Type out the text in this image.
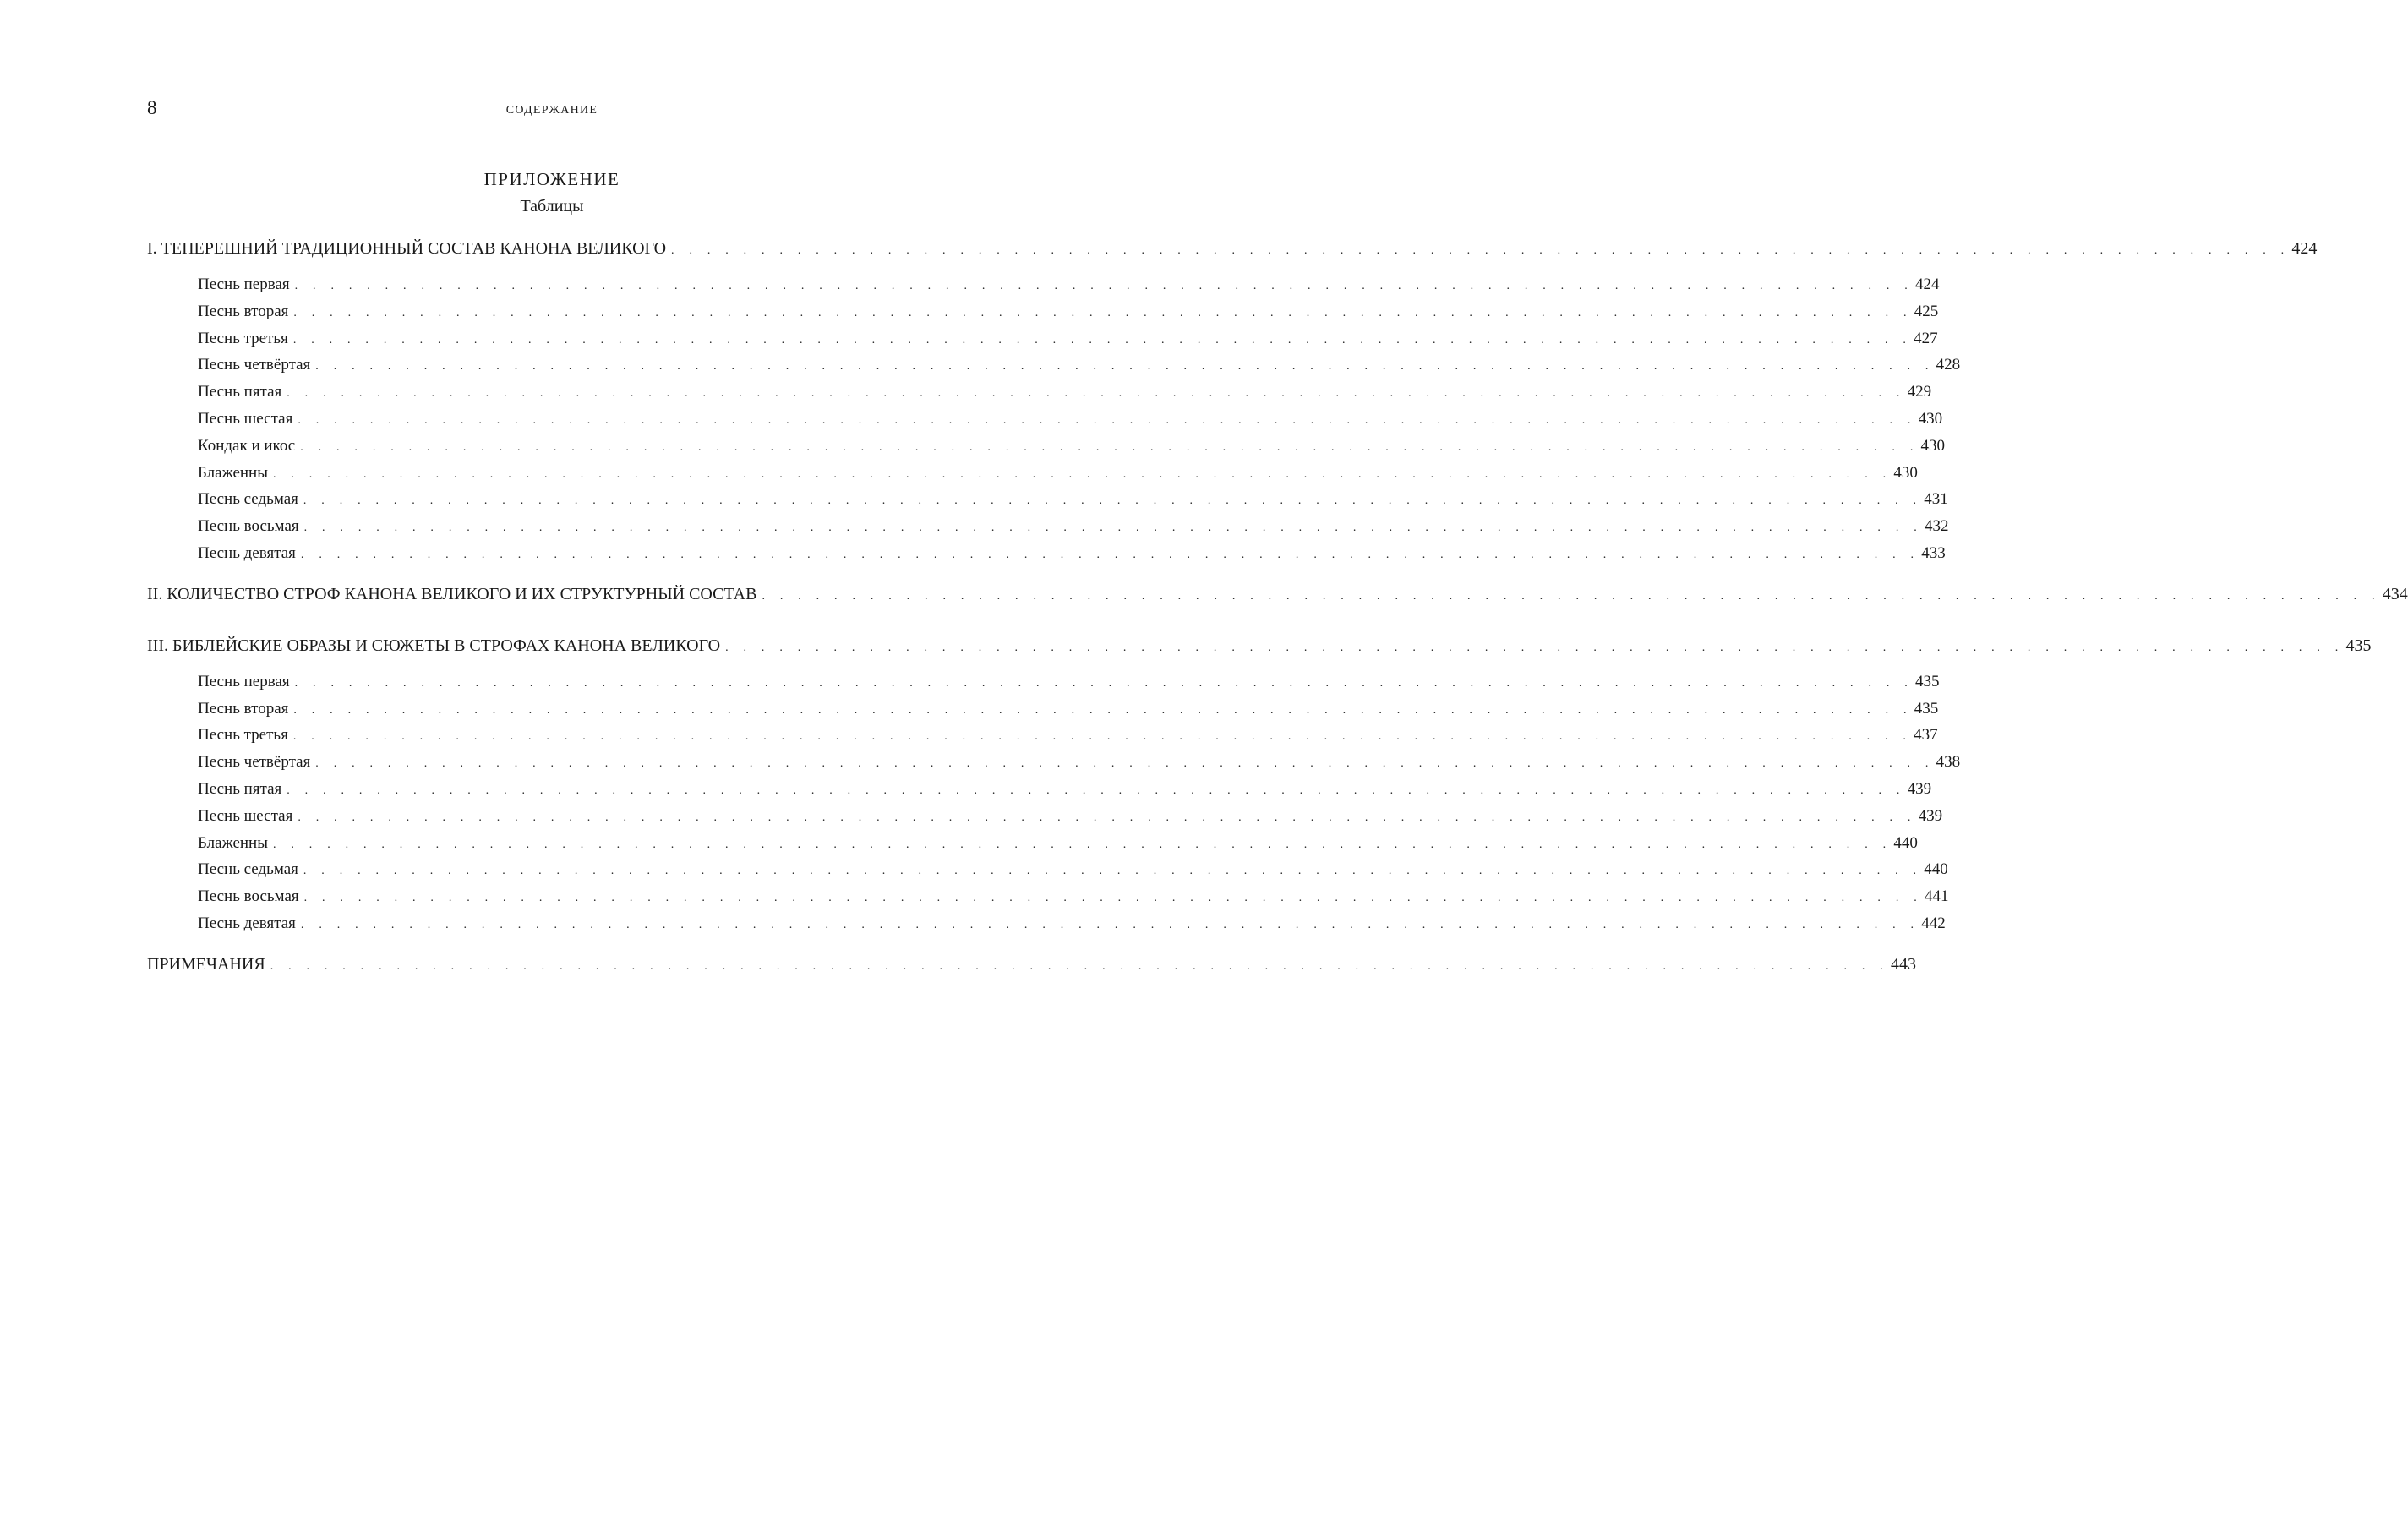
8	СОДЕРЖАНИЕ
ПРИЛОЖЕНИЕ
Таблицы
I. ТЕПЕРЕШНИЙ ТРАДИЦИОННЫЙ СОСТАВ КАНОНА ВЕЛИКОГО . . . . . . . . . . . . . . . . . . . . . . . . . . . . . . . . . . . . . . . . . . . . . . . . . . . . . . . . . . . . . . . . . . . . . . . . . . . . . . . . . . . . . . . . . . 424
Песнь первая . . . . . . . . . . . . . . . . . . . . . . . . . . . . . . . . . . . . . . . . . . . . . . . . . . . . . . . . . . . . . . . . . . . . . . . . . . . . . . . . . . . . . . . . . . 424
Песнь вторая . . . . . . . . . . . . . . . . . . . . . . . . . . . . . . . . . . . . . . . . . . . . . . . . . . . . . . . . . . . . . . . . . . . . . . . . . . . . . . . . . . . . . . . . . . 425
Песнь третья . . . . . . . . . . . . . . . . . . . . . . . . . . . . . . . . . . . . . . . . . . . . . . . . . . . . . . . . . . . . . . . . . . . . . . . . . . . . . . . . . . . . . . . . . . 427
Песнь четвёртая . . . . . . . . . . . . . . . . . . . . . . . . . . . . . . . . . . . . . . . . . . . . . . . . . . . . . . . . . . . . . . . . . . . . . . . . . . . . . . . . . . . . . . . . . . 428
Песнь пятая . . . . . . . . . . . . . . . . . . . . . . . . . . . . . . . . . . . . . . . . . . . . . . . . . . . . . . . . . . . . . . . . . . . . . . . . . . . . . . . . . . . . . . . . . . 429
Песнь шестая . . . . . . . . . . . . . . . . . . . . . . . . . . . . . . . . . . . . . . . . . . . . . . . . . . . . . . . . . . . . . . . . . . . . . . . . . . . . . . . . . . . . . . . . . . 430
Кондак и икос . . . . . . . . . . . . . . . . . . . . . . . . . . . . . . . . . . . . . . . . . . . . . . . . . . . . . . . . . . . . . . . . . . . . . . . . . . . . . . . . . . . . . . . . . . 430
Блаженны . . . . . . . . . . . . . . . . . . . . . . . . . . . . . . . . . . . . . . . . . . . . . . . . . . . . . . . . . . . . . . . . . . . . . . . . . . . . . . . . . . . . . . . . . . 430
Песнь седьмая . . . . . . . . . . . . . . . . . . . . . . . . . . . . . . . . . . . . . . . . . . . . . . . . . . . . . . . . . . . . . . . . . . . . . . . . . . . . . . . . . . . . . . . . . . 431
Песнь восьмая . . . . . . . . . . . . . . . . . . . . . . . . . . . . . . . . . . . . . . . . . . . . . . . . . . . . . . . . . . . . . . . . . . . . . . . . . . . . . . . . . . . . . . . . . . 432
Песнь девятая . . . . . . . . . . . . . . . . . . . . . . . . . . . . . . . . . . . . . . . . . . . . . . . . . . . . . . . . . . . . . . . . . . . . . . . . . . . . . . . . . . . . . . . . . . 433
II. КОЛИЧЕСТВО СТРОФ КАНОНА ВЕЛИКОГО И ИХ СТРУКТУРНЫЙ СОСТАВ . . . . . . . . . . . . . . . . . . . . . . . . . . . . . . . . . . . . . . . . . . . . . . . . . . . . . . . . . . . . . . . . . . . . . . . . . . . . . . . . . . . . . . . . . . 434
III. БИБЛЕЙСКИЕ ОБРАЗЫ И СЮЖЕТЫ В СТРОФАХ КАНОНА ВЕЛИКОГО . . . . . . . . . . . . . . . . . . . . . . . . . . . . . . . . . . . . . . . . . . . . . . . . . . . . . . . . . . . . . . . . . . . . . . . . . . . . . . . . . . . . . . . . . . 435
Песнь первая . . . . . . . . . . . . . . . . . . . . . . . . . . . . . . . . . . . . . . . . . . . . . . . . . . . . . . . . . . . . . . . . . . . . . . . . . . . . . . . . . . . . . . . . . . 435
Песнь вторая . . . . . . . . . . . . . . . . . . . . . . . . . . . . . . . . . . . . . . . . . . . . . . . . . . . . . . . . . . . . . . . . . . . . . . . . . . . . . . . . . . . . . . . . . . 435
Песнь третья . . . . . . . . . . . . . . . . . . . . . . . . . . . . . . . . . . . . . . . . . . . . . . . . . . . . . . . . . . . . . . . . . . . . . . . . . . . . . . . . . . . . . . . . . . 437
Песнь четвёртая . . . . . . . . . . . . . . . . . . . . . . . . . . . . . . . . . . . . . . . . . . . . . . . . . . . . . . . . . . . . . . . . . . . . . . . . . . . . . . . . . . . . . . . . . . 438
Песнь пятая . . . . . . . . . . . . . . . . . . . . . . . . . . . . . . . . . . . . . . . . . . . . . . . . . . . . . . . . . . . . . . . . . . . . . . . . . . . . . . . . . . . . . . . . . . 439
Песнь шестая . . . . . . . . . . . . . . . . . . . . . . . . . . . . . . . . . . . . . . . . . . . . . . . . . . . . . . . . . . . . . . . . . . . . . . . . . . . . . . . . . . . . . . . . . . 439
Блаженны . . . . . . . . . . . . . . . . . . . . . . . . . . . . . . . . . . . . . . . . . . . . . . . . . . . . . . . . . . . . . . . . . . . . . . . . . . . . . . . . . . . . . . . . . . 440
Песнь седьмая . . . . . . . . . . . . . . . . . . . . . . . . . . . . . . . . . . . . . . . . . . . . . . . . . . . . . . . . . . . . . . . . . . . . . . . . . . . . . . . . . . . . . . . . . . 440
Песнь восьмая . . . . . . . . . . . . . . . . . . . . . . . . . . . . . . . . . . . . . . . . . . . . . . . . . . . . . . . . . . . . . . . . . . . . . . . . . . . . . . . . . . . . . . . . . . 441
Песнь девятая . . . . . . . . . . . . . . . . . . . . . . . . . . . . . . . . . . . . . . . . . . . . . . . . . . . . . . . . . . . . . . . . . . . . . . . . . . . . . . . . . . . . . . . . . . 442
ПРИМЕЧАНИЯ . . . . . . . . . . . . . . . . . . . . . . . . . . . . . . . . . . . . . . . . . . . . . . . . . . . . . . . . . . . . . . . . . . . . . . . . . . . . . . . . . . . . . . . . . . 443
